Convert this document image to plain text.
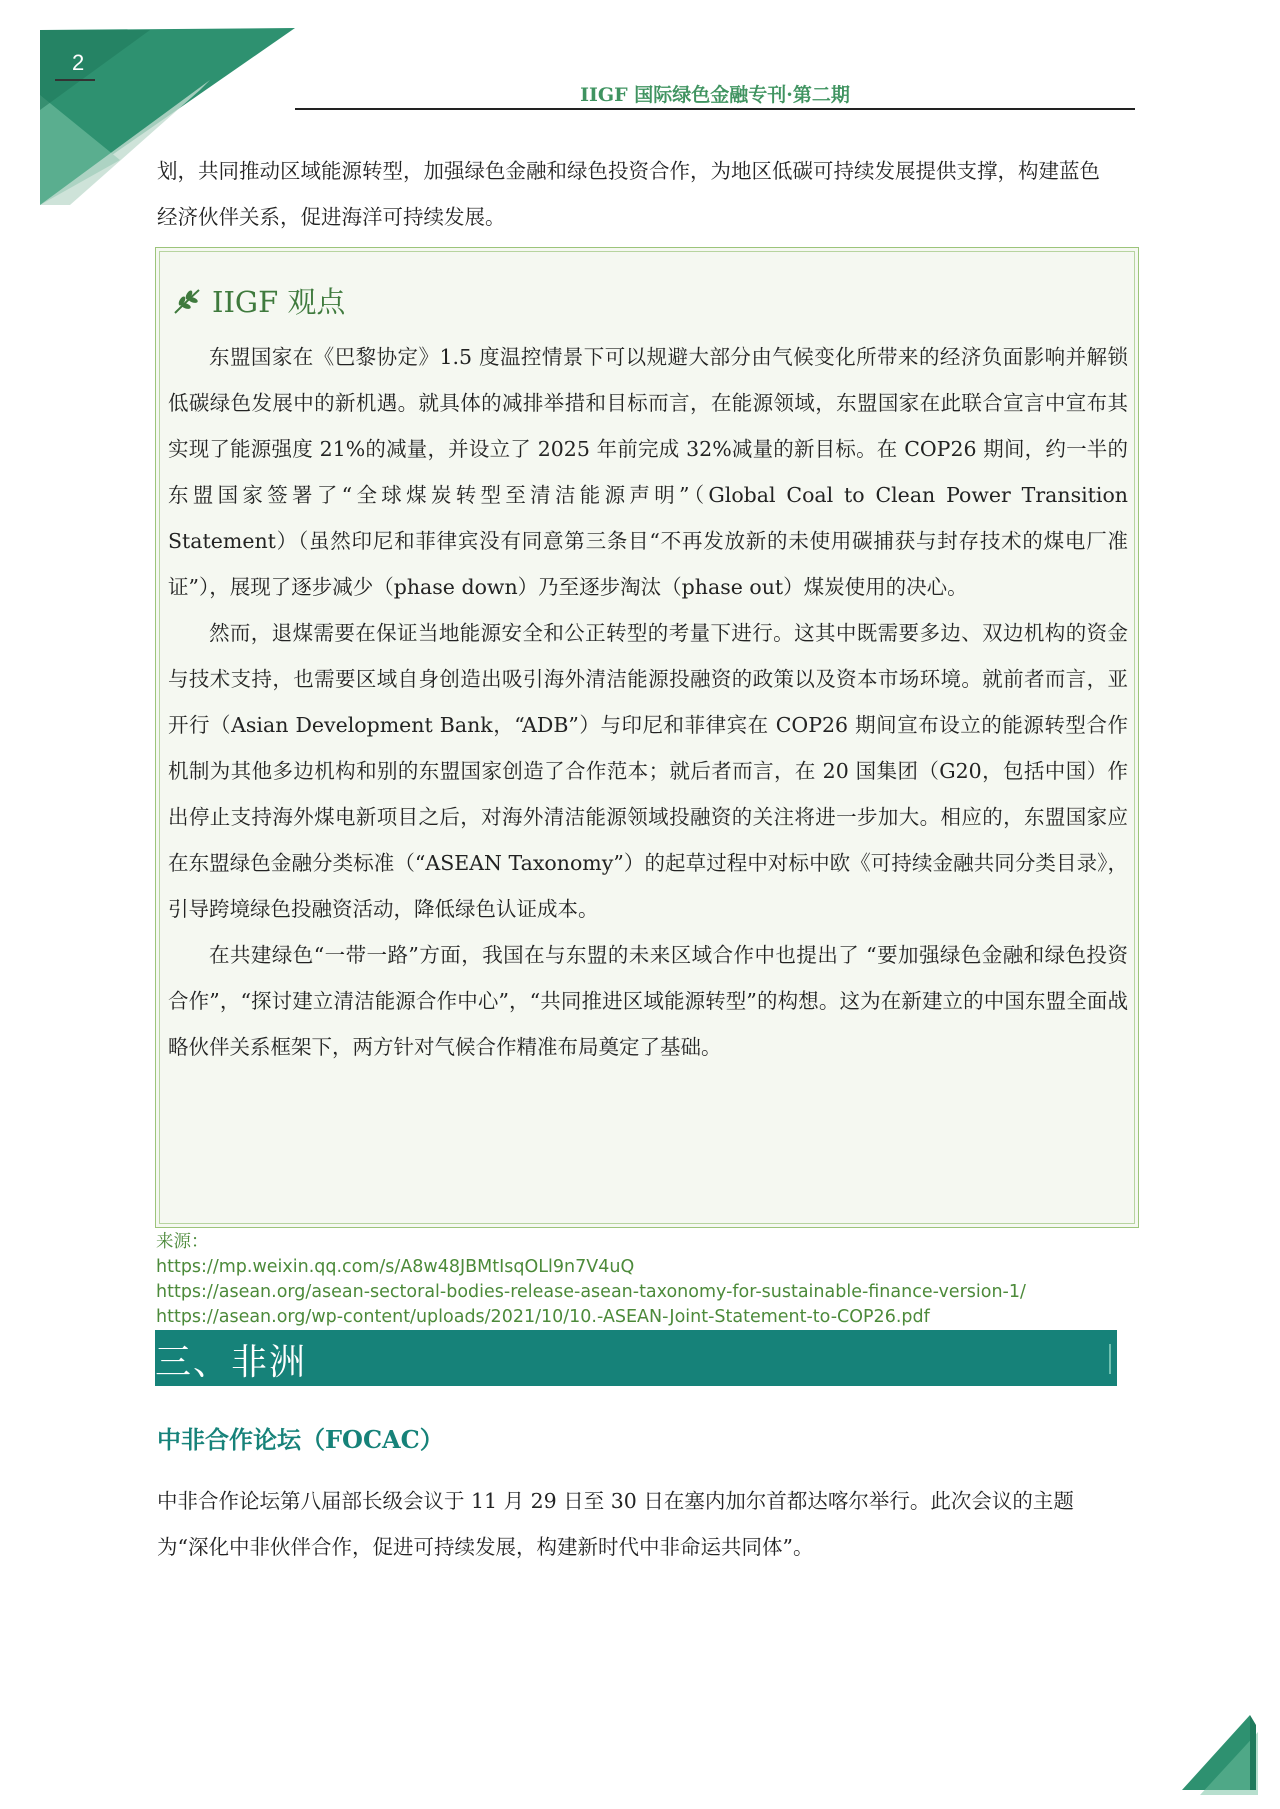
2
IIGF 国际绿色金融专刊·第二期
划，共同推动区域能源转型，加强绿色金融和绿色投资合作，为地区低碳可持续发展提供支撑，构建蓝色经济伙伴关系，促进海洋可持续发展。
IIGF 观点

东盟国家在《巴黎协定》1.5 度温控情景下可以规避大部分由气候变化所带来的经济负面影响并解锁低碳绿色发展中的新机遇。就具体的减排举措和目标而言，在能源领域，东盟国家在此联合宣言中宣布其实现了能源强度 21%的减量，并设立了 2025 年前完成 32%减量的新目标。在 COP26 期间，约一半的东盟国家签署了“全球煤炭转型至清洁能源声明”（Global Coal to Clean Power Transition Statement）（虽然印尼和菲律宾没有同意第三条目“不再发放新的未使用碳捕获与封存技术的煤电厂准证”），展现了逐步减少（phase down）乃至逐步淘汰（phase out）煤炭使用的决心。

然而，退煤需要在保证当地能源安全和公正转型的考量下进行。这其中既需要多边、双边机构的资金与技术支持，也需要区域自身创造出吸引海外清洁能源投融资的政策以及资本市场环境。就前者而言，亚开行（Asian Development Bank，“ADB”）与印尼和菲律宾在 COP26 期间宣布设立的能源转型合作机制为其他多边机构和别的东盟国家创造了合作范本；就后者而言，在 20 国集团（G20，包括中国）作出停止支持海外煤电新项目之后，对海外清洁能源领域投融资的关注将进一步加大。相应的，东盟国家应在东盟绿色金融分类标准（“ASEAN Taxonomy”）的起草过程中对标中欧《可持续金融共同分类目录》，引导跨境绿色投融资活动，降低绿色认证成本。

在共建绿色“一带一路”方面，我国在与东盟的未来区域合作中也提出了 “要加强绿色金融和绿色投资合作”，“探讨建立清洁能源合作中心”，“共同推进区域能源转型”的构想。这为在新建立的中国东盟全面战略伙伴关系框架下，两方针对气候合作精准布局奠定了基础。

来源：
https://mp.weixin.qq.com/s/A8w48JBMtIsqOLl9n7V4uQ
https://asean.org/asean-sectoral-bodies-release-asean-taxonomy-for-sustainable-finance-version-1/
https://asean.org/wp-content/uploads/2021/10/10.-ASEAN-Joint-Statement-to-COP26.pdf
三、非洲
中非合作论坛（FOCAC）
中非合作论坛第八届部长级会议于 11 月 29 日至 30 日在塞内加尔首都达喀尔举行。此次会议的主题为“深化中非伙伴合作，促进可持续发展，构建新时代中非命运共同体”。
